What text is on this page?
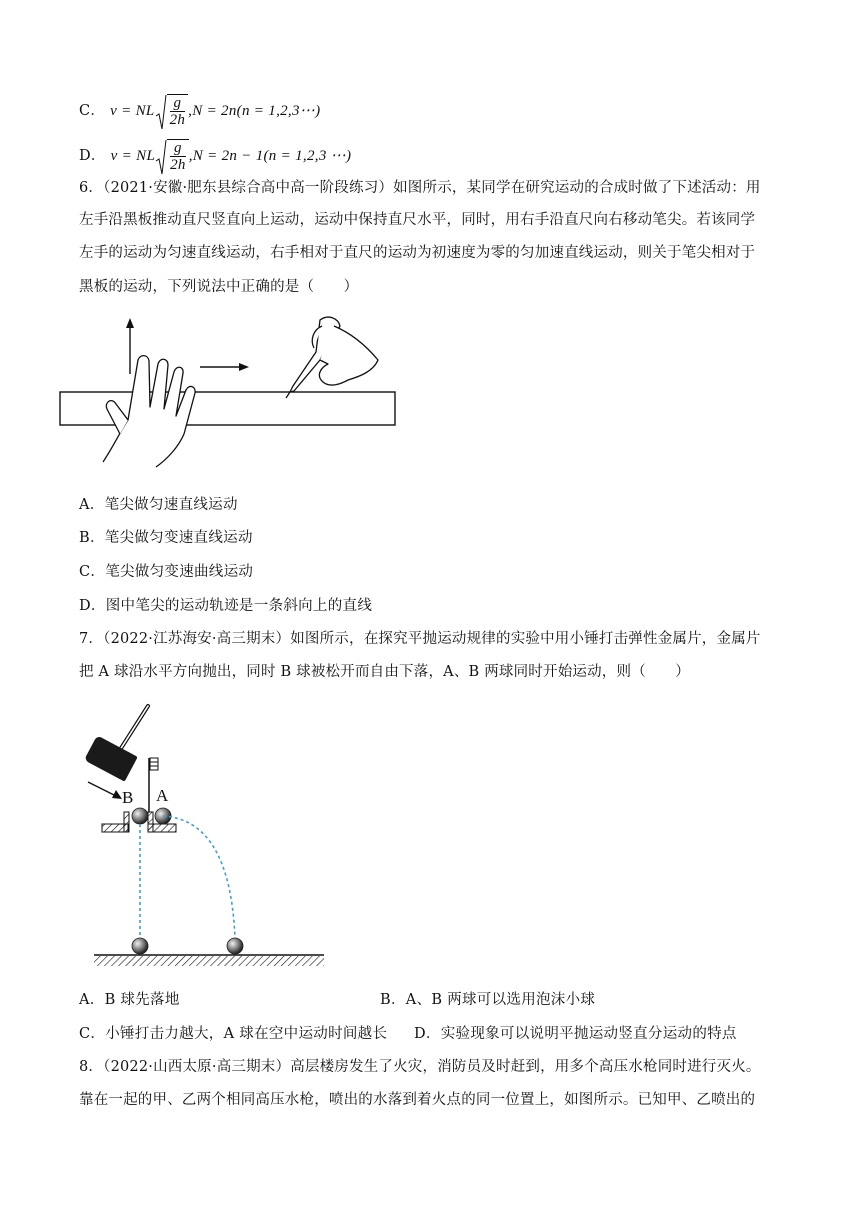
C． v = NL $\frac{g}{2h} ,N = 2n(n$ = 1,2,3⋯)
D． v = NL $\frac{g}{2h} ,N = 2n - 1(n = 1,2,3$ ⋯)
6．（2021·安徽·肥东县综合高中高一阶段练习）如图所示，某同学在研究运动的合成时做了下述活动：用
左手沿黑板推动直尺竖直向上运动，运动中保持直尺水平，同时，用右手沿直尺向右移动笔尖。若该同学
左手的运动为匀速直线运动，右手相对于直尺的运动为初速度为零的匀加速直线运动，则关于笔尖相对于
黑板的运动，下列说法中正确的是（　　）
A．笔尖做匀速直线运动
B．笔尖做匀变速直线运动
C．笔尖做匀变速曲线运动
D．图中笔尖的运动轨迹是一条斜向上的直线
7．（2022·江苏海安·高三期末）如图所示，在探究平抛运动规律的实验中用小锤打击弹性金属片，金属片
把 A 球沿水平方向抛出，同时 B 球被松开而自由下落，A、B 两球同时开始运动，则（　　）
B A
A．B 球先落地	B．A、B 两球可以选用泡沫小球
C．小锤打击力越大，A 球在空中运动时间越长 D．实验现象可以说明平抛运动竖直分运动的特点
8．（2022·山西太原·高三期末）高层楼房发生了火灾，消防员及时赶到，用多个高压水枪同时进行灭火。
靠在一起的甲、乙两个相同高压水枪，喷出的水落到着火点的同一位置上，如图所示。已知甲、乙喷出的
